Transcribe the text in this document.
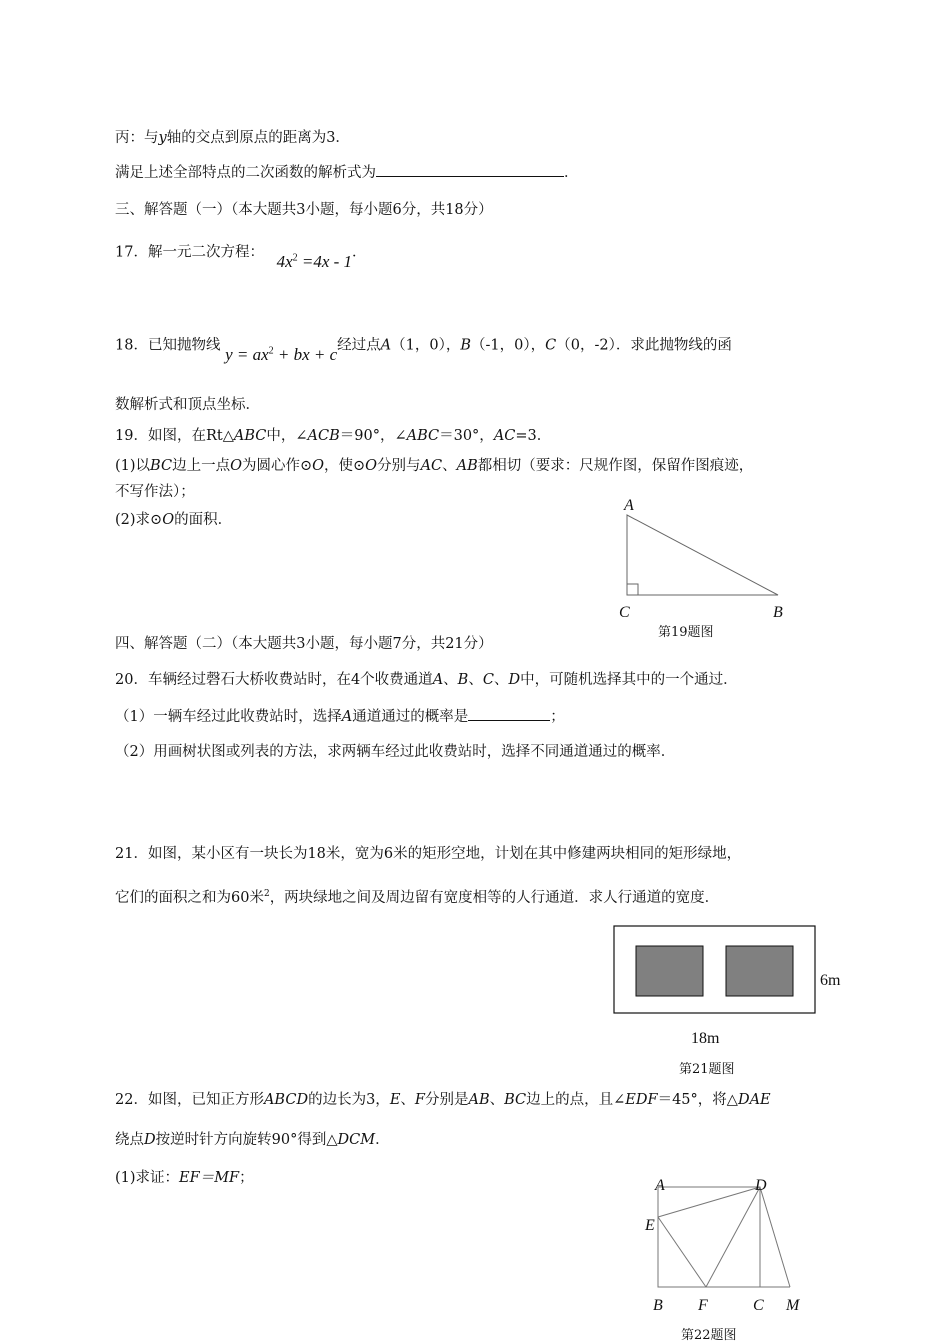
丙：与y轴的交点到原点的距离为3．
满足上述全部特点的二次函数的解析式为	．
三、解答题（一）（本大题共3小题，每小题6分，共18分）
17．解一元二次方程： $4x^2 =4x - 1$．
18．已知抛物线 $y = ax^2$ + bx + c经过点A（1，0），B（-1，0），C（0，-2）．求此抛物线的函
数解析式和顶点坐标．
19．如图，在Rt△ABC中，∠ACB＝90°，∠ABC＝30°，AC=3．
(1)以BC边上一点O为圆心作⊙O，使⊙O分别与AC、AB都相切（要求：尺规作图，保留作图痕迹，
不写作法）；
(2)求⊙O的面积．
A
C	B
第19题图
四、解答题（二）（本大题共3小题，每小题7分，共21分）
20．车辆经过磬石大桥收费站时，在4个收费通道A、B、C、D中，可随机选择其中的一个通过．
（1）一辆车经过此收费站时，选择A通道通过的概率是	；
（2）用画树状图或列表的方法，求两辆车经过此收费站时，选择不同通道通过的概率．
21．如图，某小区有一块长为18米，宽为6米的矩形空地，计划在其中修建两块相同的矩形绿地，
它们的面积之和为60米$^2$，两块绿地之间及周边留有宽度相等的人行通道．求人行通道的宽度．
6m
18m
第21题图
22．如图，已知正方形ABCD的边长为3，E、F分别是AB、BC边上的点，且∠EDF＝45°，将△DAE
绕点D按逆时针方向旋转90°得到△DCM．
(1)求证：EF＝MF；	A	D
E
B F	C M
第22题图
